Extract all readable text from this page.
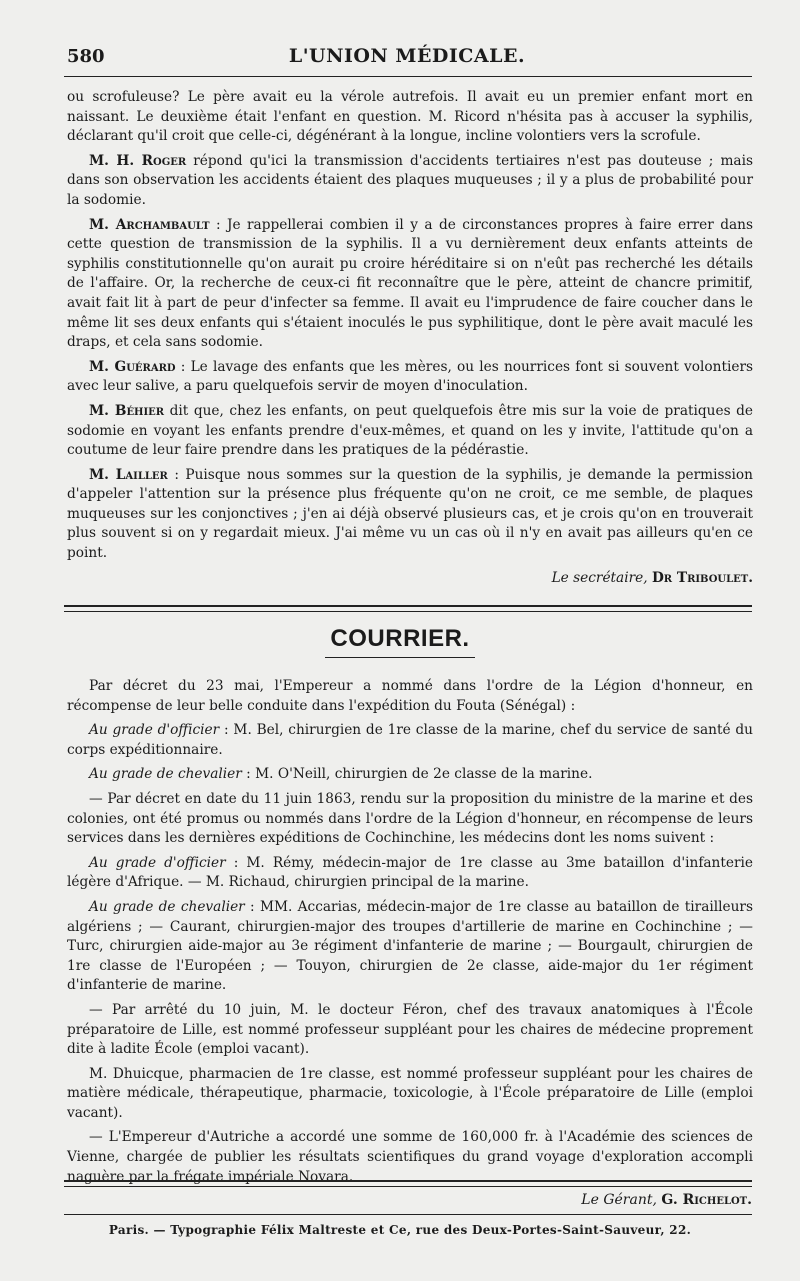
580	L'UNION MÉDICALE.

ou scrofuleuse? Le père avait eu la vérole autrefois. Il avait eu un premier enfant mort en naissant. Le deuxième était l'enfant en question. M. Ricord n'hésita pas à accuser la syphilis, déclarant qu'il croit que celle-ci, dégénérant à la longue, incline volontiers vers la scrofule.

M. H. Roger répond qu'ici la transmission d'accidents tertiaires n'est pas douteuse ; mais dans son observation les accidents étaient des plaques muqueuses ; il y a plus de probabilité pour la sodomie.

M. Archambault : Je rappellerai combien il y a de circonstances propres à faire errer dans cette question de transmission de la syphilis. Il a vu dernièrement deux enfants atteints de syphilis constitutionnelle qu'on aurait pu croire héréditaire si on n'eût pas recherché les détails de l'affaire. Or, la recherche de ceux-ci fit reconnaître que le père, atteint de chancre primitif, avait fait lit à part de peur d'infecter sa femme. Il avait eu l'imprudence de faire coucher dans le même lit ses deux enfants qui s'étaient inoculés le pus syphilitique, dont le père avait maculé les draps, et cela sans sodomie.

M. Guérard : Le lavage des enfants que les mères, ou les nourrices font si souvent volontiers avec leur salive, a paru quelquefois servir de moyen d'inoculation.

M. Béhier dit que, chez les enfants, on peut quelquefois être mis sur la voie de pratiques de sodomie en voyant les enfants prendre d'eux-mêmes, et quand on les y invite, l'attitude qu'on a coutume de leur faire prendre dans les pratiques de la pédérastie.

M. Lailler : Puisque nous sommes sur la question de la syphilis, je demande la permission d'appeler l'attention sur la présence plus fréquente qu'on ne croit, ce me semble, de plaques muqueuses sur les conjonctives ; j'en ai déjà observé plusieurs cas, et je crois qu'on en trouverait plus souvent si on y regardait mieux. J'ai même vu un cas où il n'y en avait pas ailleurs qu'en ce point.

Le secrétaire, Dr Triboulet.
COURRIER.

Par décret du 23 mai, l'Empereur a nommé dans l'ordre de la Légion d'honneur, en récompense de leur belle conduite dans l'expédition du Fouta (Sénégal) :

Au grade d'officier : M. Bel, chirurgien de 1re classe de la marine, chef du service de santé du corps expéditionnaire.

Au grade de chevalier : M. O'Neill, chirurgien de 2e classe de la marine.

— Par décret en date du 11 juin 1863, rendu sur la proposition du ministre de la marine et des colonies, ont été promus ou nommés dans l'ordre de la Légion d'honneur, en récompense de leurs services dans les dernières expéditions de Cochinchine, les médecins dont les noms suivent :

Au grade d'officier : M. Rémy, médecin-major de 1re classe au 3me bataillon d'infanterie légère d'Afrique. — M. Richaud, chirurgien principal de la marine.

Au grade de chevalier : MM. Accarias, médecin-major de 1re classe au bataillon de tirailleurs algériens ; — Caurant, chirurgien-major des troupes d'artillerie de marine en Cochinchine ; — Turc, chirurgien aide-major au 3e régiment d'infanterie de marine ; — Bourgault, chirurgien de 1re classe de l'Européen ; — Touyon, chirurgien de 2e classe, aide-major du 1er régiment d'infanterie de marine.

— Par arrêté du 10 juin, M. le docteur Féron, chef des travaux anatomiques à l'École préparatoire de Lille, est nommé professeur suppléant pour les chaires de médecine proprement dite à ladite École (emploi vacant).

M. Dhuicque, pharmacien de 1re classe, est nommé professeur suppléant pour les chaires de matière médicale, thérapeutique, pharmacie, toxicologie, à l'École préparatoire de Lille (emploi vacant).

— L'Empereur d'Autriche a accordé une somme de 160,000 fr. à l'Académie des sciences de Vienne, chargée de publier les résultats scientifiques du grand voyage d'exploration accompli naguère par la frégate impériale Novara.

Le Gérant, G. Richelot.
Paris. — Typographie Félix Maltreste et Ce, rue des Deux-Portes-Saint-Sauveur, 22.
